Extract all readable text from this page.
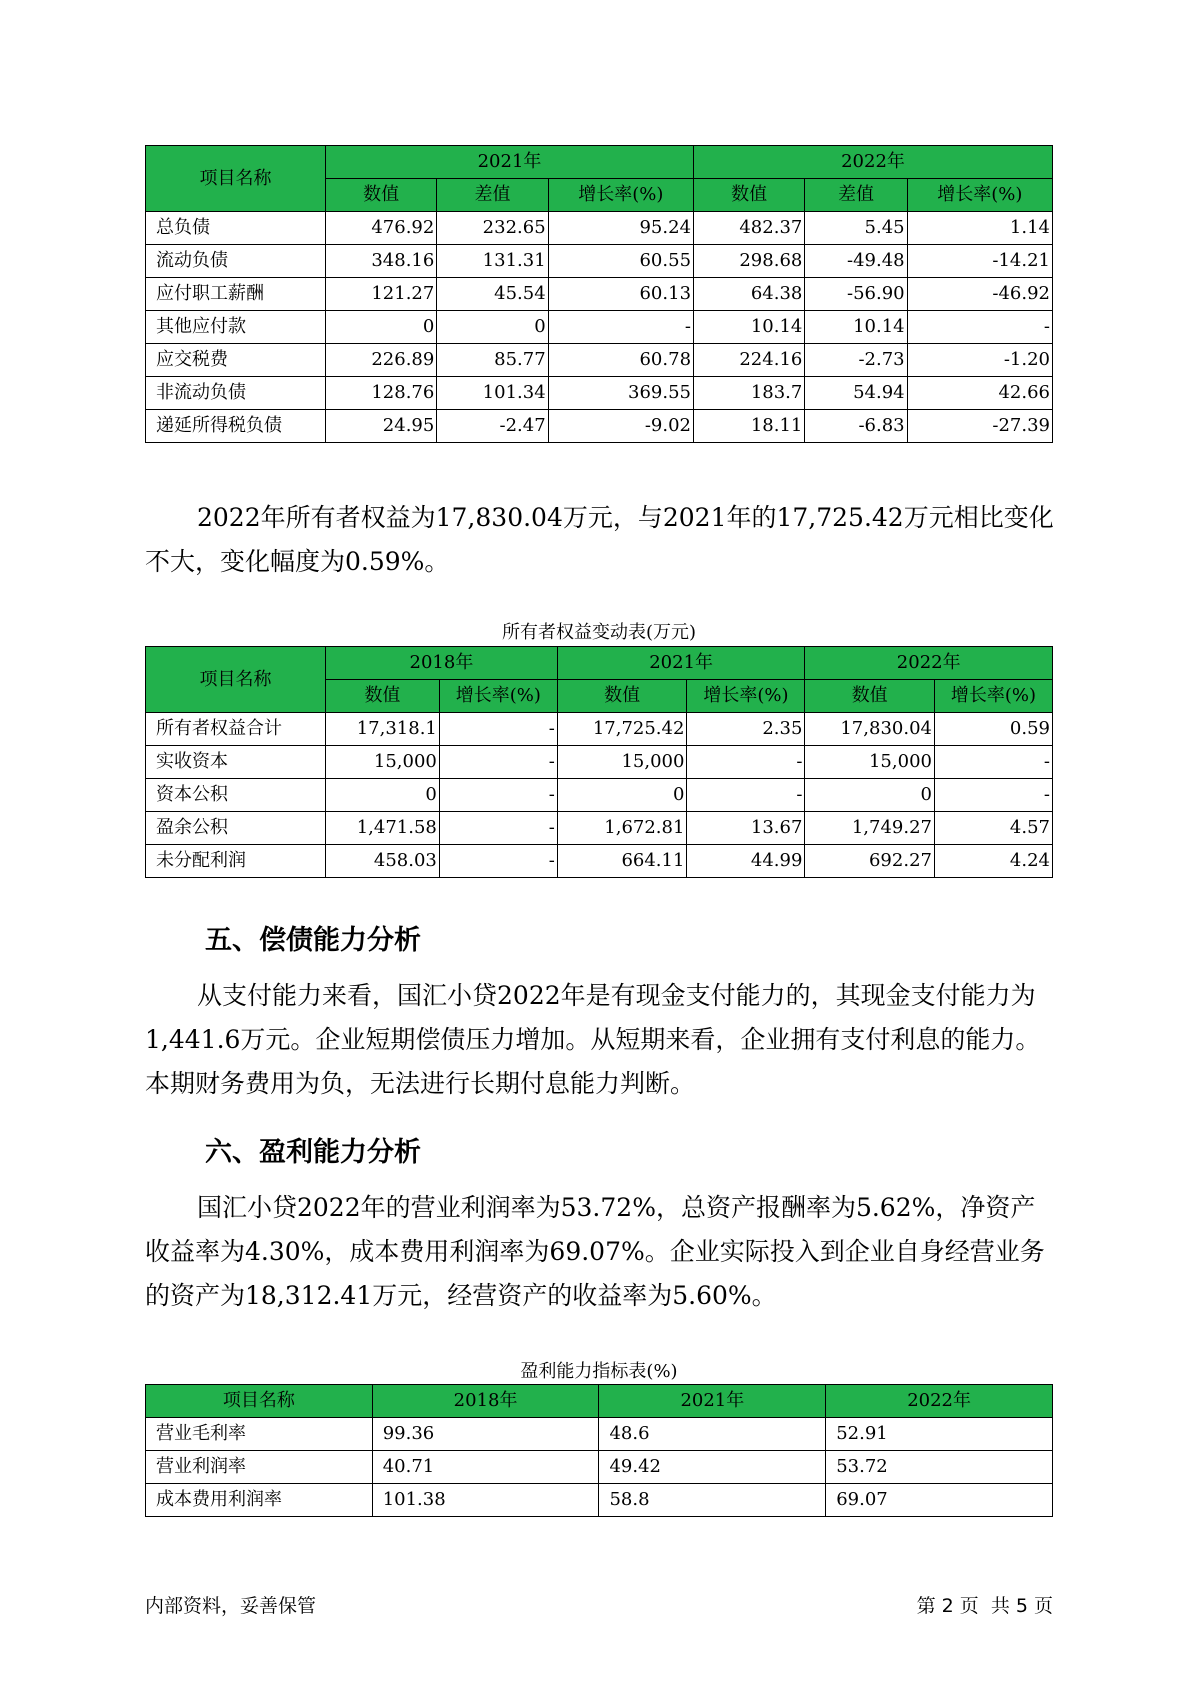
项目名称	2021年			2022年		
	数值	差值	增长率(%)	数值	差值	增长率(%)
总负债	476.92	232.65	95.24	482.37	5.45	1.14
流动负债	348.16	131.31	60.55	298.68	-49.48	-14.21
应付职工薪酬	121.27	45.54	60.13	64.38	-56.90	-46.92
其他应付款	0	0	-	10.14	10.14	-
应交税费	226.89	85.77	60.78	224.16	-2.73	-1.20
非流动负债	128.76	101.34	369.55	183.7	54.94	42.66
递延所得税负债	24.95	-2.47	-9.02	18.11	-6.83	-27.39

2022年所有者权益为17,830.04万元，与2021年的17,725.42万元相比变化不大，变化幅度为0.59%。

所有者权益变动表(万元)
项目名称	2018年		2021年		2022年	
	数值	增长率(%)	数值	增长率(%)	数值	增长率(%)
所有者权益合计	17,318.1	-	17,725.42	2.35	17,830.04	0.59
实收资本	15,000	-	15,000	-	15,000	-
资本公积	0	-	0	-	0	-
盈余公积	1,471.58	-	1,672.81	13.67	1,749.27	4.57
未分配利润	458.03	-	664.11	44.99	692.27	4.24
五、偿债能力分析

从支付能力来看，国汇小贷2022年是有现金支付能力的，其现金支付能力为1,441.6万元。企业短期偿债压力增加。从短期来看，企业拥有支付利息的能力。本期财务费用为负，无法进行长期付息能力判断。

六、盈利能力分析

国汇小贷2022年的营业利润率为53.72%，总资产报酬率为5.62%，净资产收益率为4.30%，成本费用利润率为69.07%。企业实际投入到企业自身经营业务的资产为18,312.41万元，经营资产的收益率为5.60%。

盈利能力指标表(%)
项目名称	2018年	2021年	2022年
营业毛利率	99.36	48.6	52.91
营业利润率	40.71	49.42	53.72
成本费用利润率	101.38	58.8	69.07
内部资料，妥善保管	第 2 页  共 5 页
